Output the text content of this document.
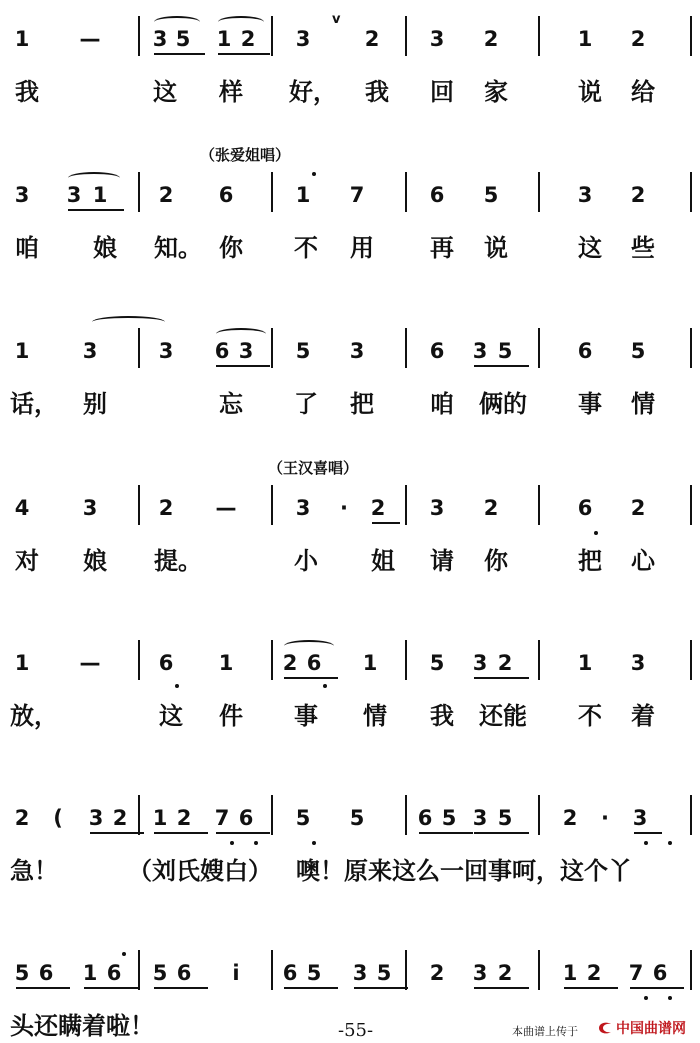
1 — 3 5 1 2 3	2 3 2	1 2
v
我	这 样 好， 我 回 家	说 给
3 3 1 2 6	1 7	6 5	3 2
咱 娘 知。 你 不 用 再 说	这 些
（张爱姐唱）
1	3	3 6 3 5 3	6 3 5	6 5
话， 别	忘 了 把 咱 俩的 事 情
4	3	2 —	3	·	2 3 2	6 2
对 娘 提。	小 姐 请 你	把 心
（王汉喜唱）
1 —	6 1 2 6 1 5 3 2	1 3
放，	这 件 事 情 我 还能 不 着
2	(	3 2 1 2 7 6 5 5	6 5 3 5 2	·	3
急！	（刘氏嫂白） 噢！原来这么一回事呵，这个丫
5 6 1 6 5 6	i	6 5 3 5 2 3 2 1 2 7 6
头还瞒着啦！	-55-	本曲谱上传于	中国曲谱网
